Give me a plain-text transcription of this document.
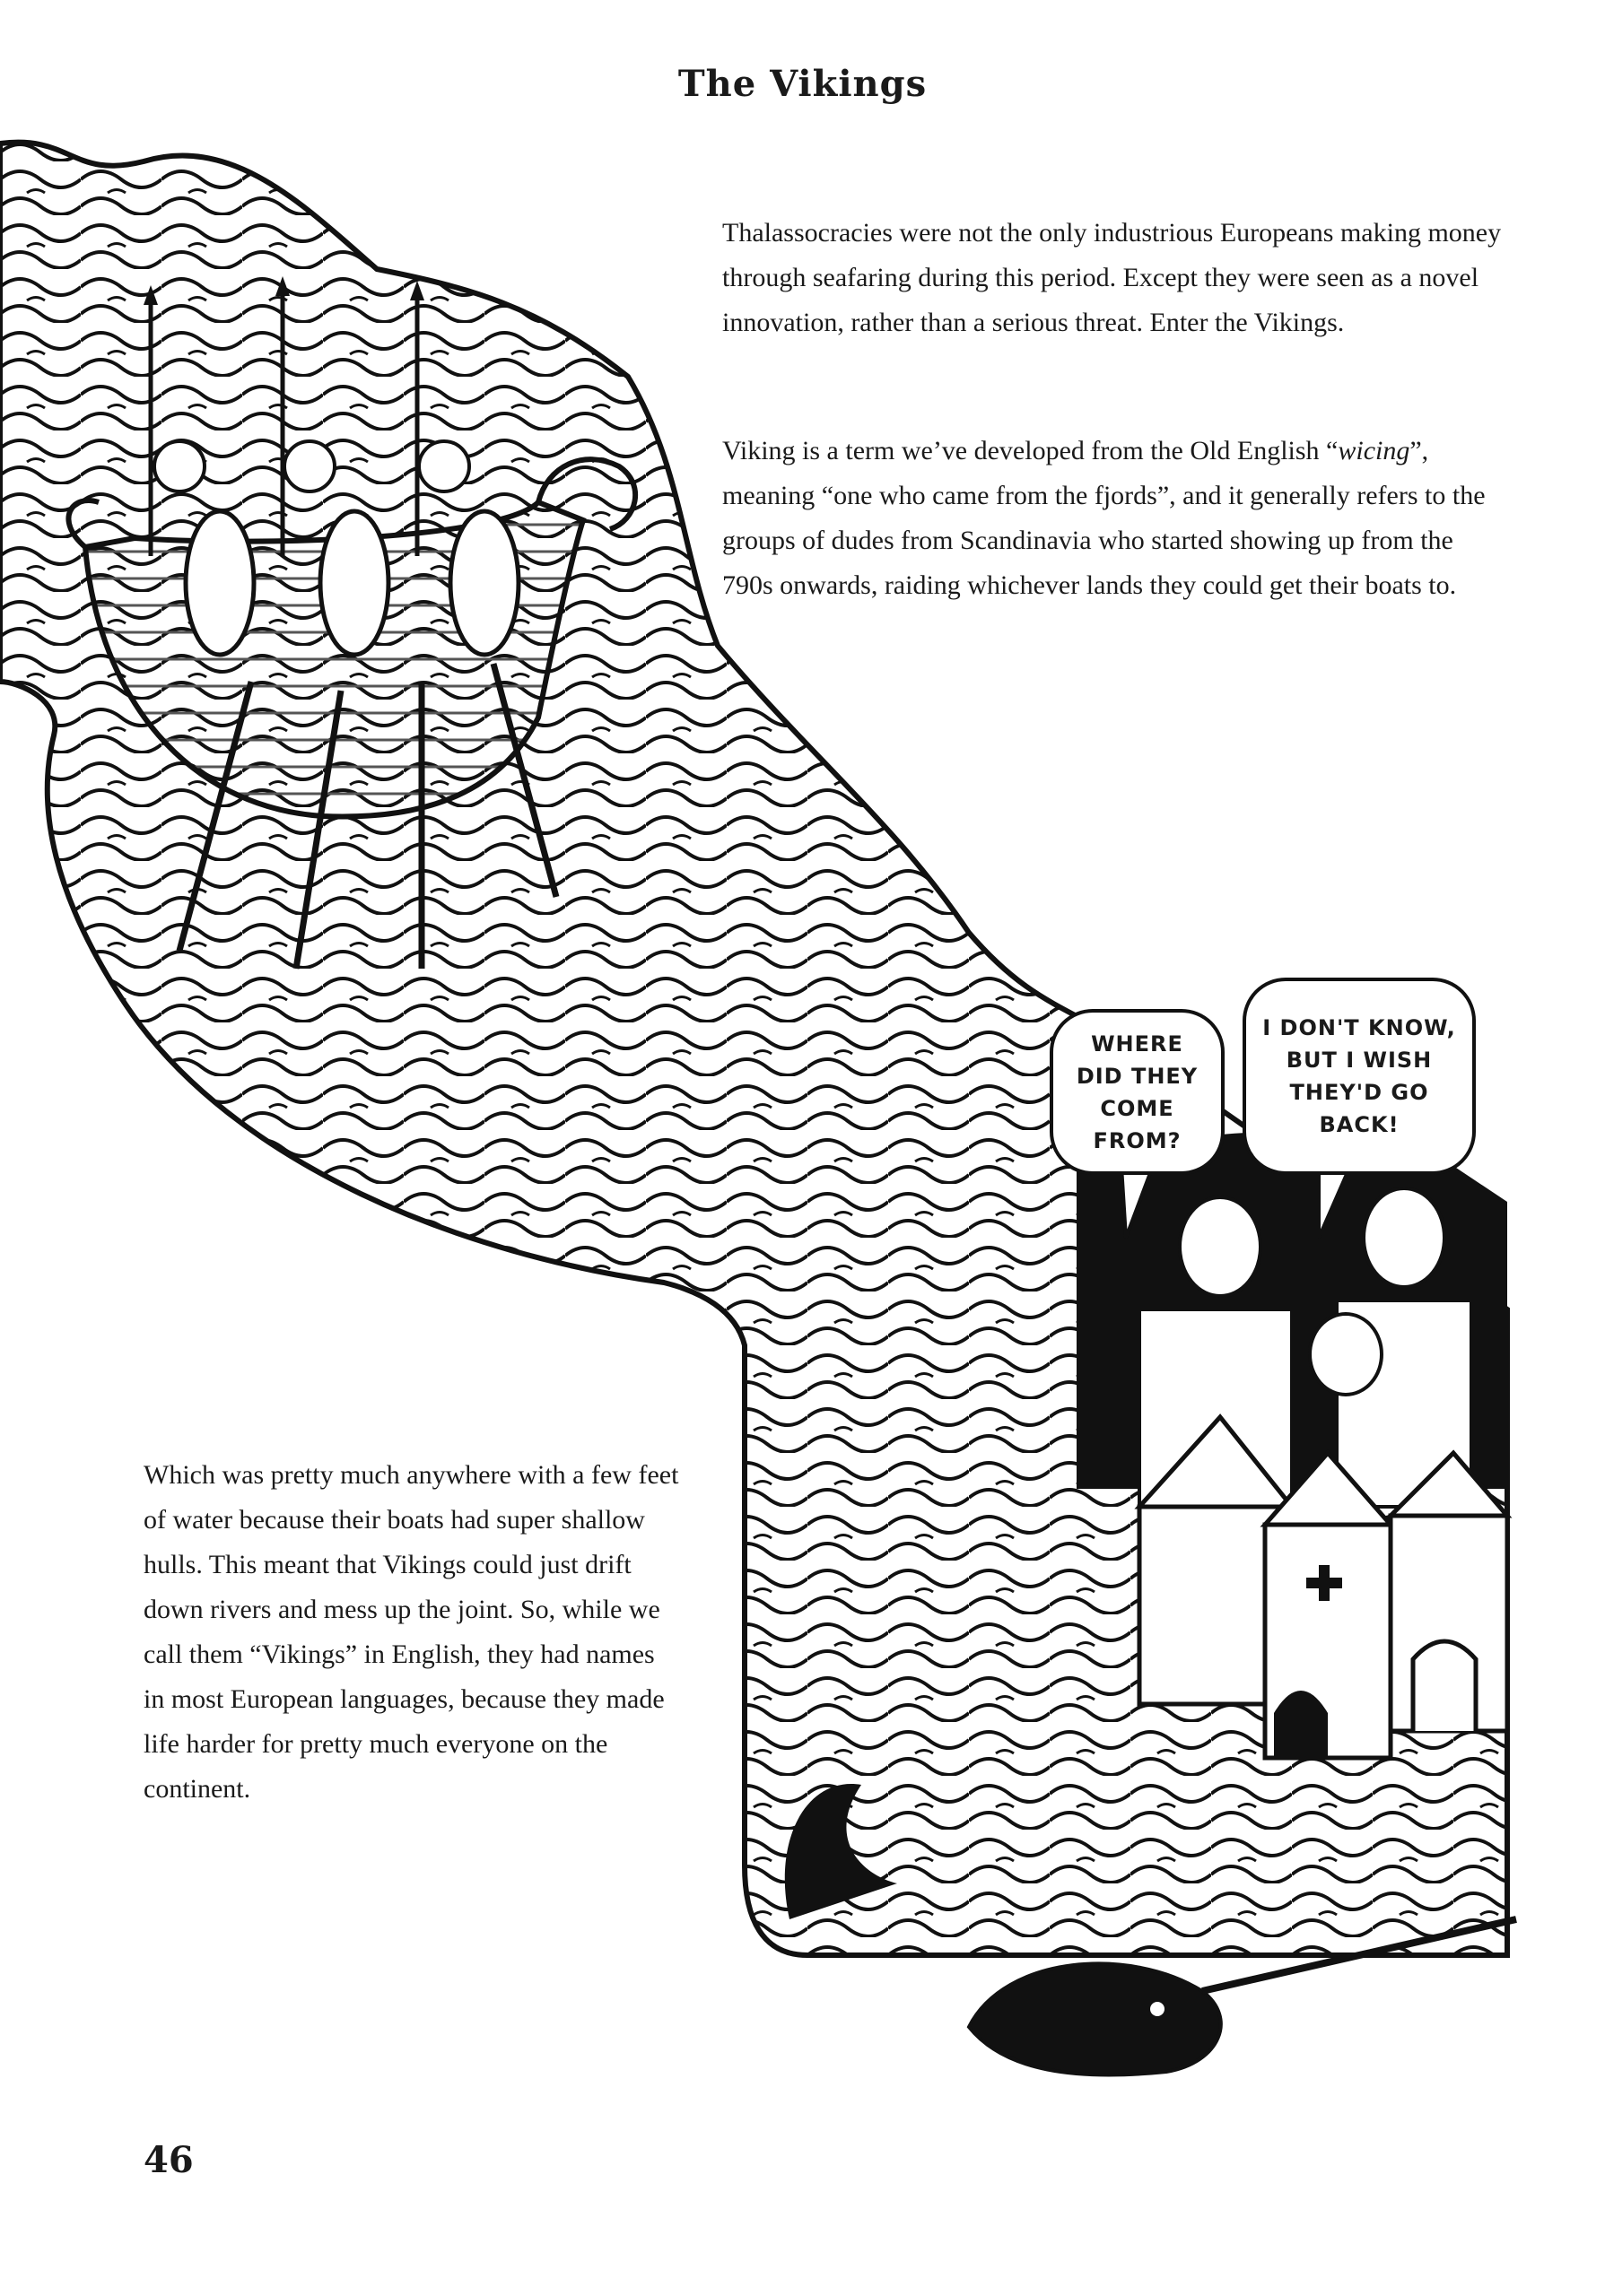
The Vikings

Thalassocracies were not the only industrious Europeans making money through seafaring during this period. Except they were seen as a novel innovation, rather than a serious threat. Enter the Vikings.

Viking is a term we’ve developed from the Old English “wicing”, meaning “one who came from the fjords”, and it generally refers to the groups of dudes from Scandinavia who started showing up from the 790s onwards, raiding whichever lands they could get their boats to.

Which was pretty much anywhere with a few feet of water because their boats had super shallow hulls. This meant that Vikings could just drift down rivers and mess up the joint. So, while we call them “Vikings” in English, they had names in most European languages, because they made life harder for pretty much everyone on the continent.

WHERE DID THEY COME FROM?
I DON'T KNOW, BUT I WISH THEY'D GO BACK!
46
